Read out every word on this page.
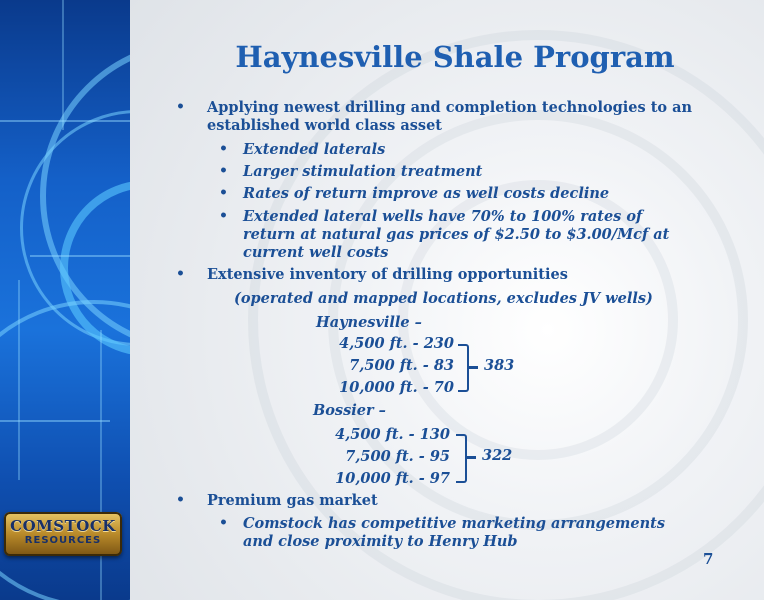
COMSTOCK
RESOURCES
Haynesville Shale Program
• Applying newest drilling and completion technologies to an established world class asset
• Extended laterals
• Larger stimulation treatment
• Rates of return improve as well costs decline
• Extended lateral wells have 70% to 100% rates of return at natural gas prices of $2.50 to $3.00/Mcf at current well costs
• Extensive inventory of drilling opportunities
(operated and mapped locations, excludes JV wells)
Haynesville –
4,500 ft. - 230
7,500 ft. - 83
10,000 ft. - 70
383
Bossier –
4,500 ft. - 130
7,500 ft. - 95
10,000 ft. - 97
322
• Premium gas market
• Comstock has competitive marketing arrangements and close proximity to Henry Hub
7
